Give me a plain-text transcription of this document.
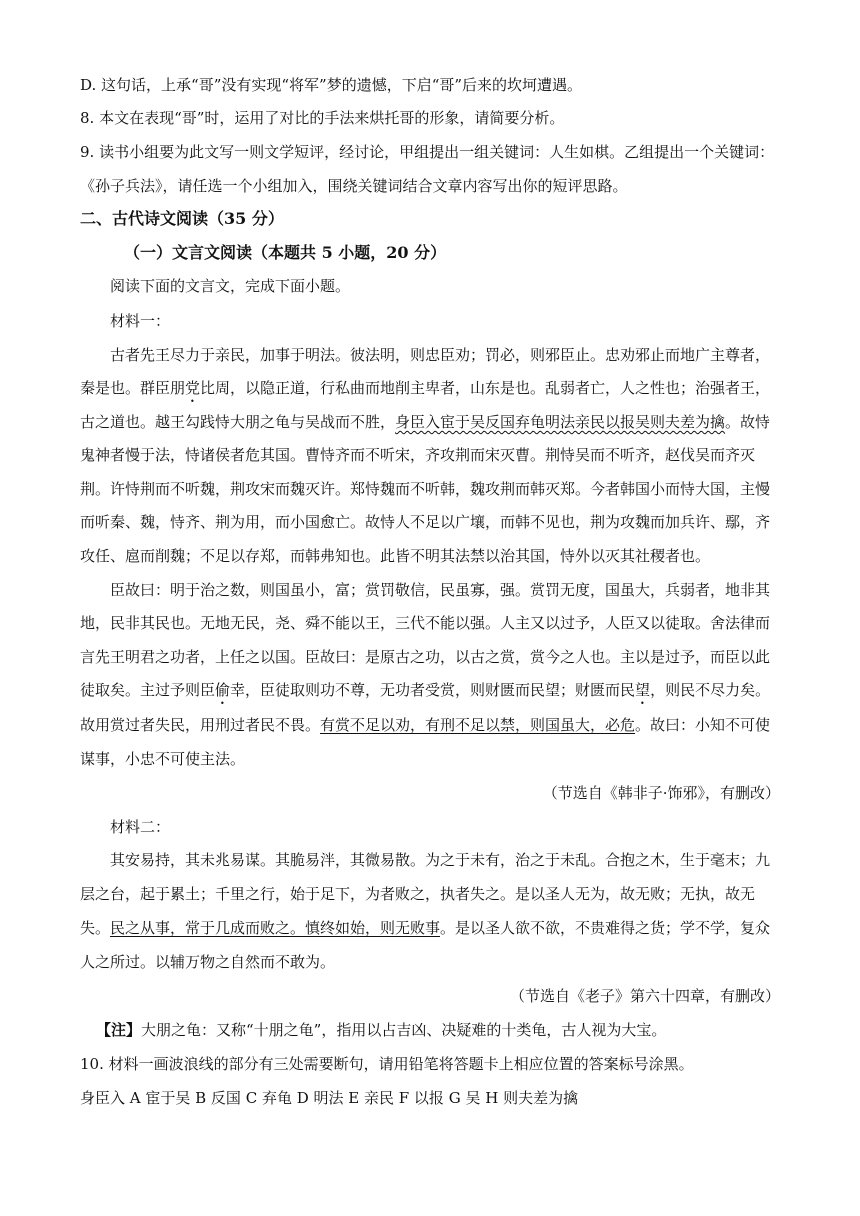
D. 这句话，上承“哥”没有实现“将军”梦的遗憾，下启“哥”后来的坎坷遭遇。
8. 本文在表现“哥”时，运用了对比的手法来烘托哥的形象，请简要分析。
9. 读书小组要为此文写一则文学短评，经讨论，甲组提出一组关键词：人生如棋。乙组提出一个关键词：
《孙子兵法》，请任选一个小组加入，围绕关键词结合文章内容写出你的短评思路。
二、古代诗文阅读（35 分）
（一）文言文阅读（本题共 5 小题，20 分）
阅读下面的文言文，完成下面小题。
材料一：
古者先王尽力于亲民，加事于明法。彼法明，则忠臣劝；罚必，则邪臣止。忠劝邪止而地广主尊者，
秦是也。群臣朋党比周，以隐正道，行私曲而地削主卑者，山东是也。乱弱者亡，人之性也；治强者王，
古之道也。越王勾践恃大朋之龟与吴战而不胜，身臣入宦于吴反国弃龟明法亲民以报吴则夫差为擒。故恃
鬼神者慢于法，恃诸侯者危其国。曹恃齐而不听宋，齐攻荆而宋灭曹。荆恃吴而不听齐，赵伐吴而齐灭
荆。许恃荆而不听魏，荆攻宋而魏灭许。郑恃魏而不听韩，魏攻荆而韩灭郑。今者韩国小而恃大国，主慢
而听秦、魏，恃齐、荆为用，而小国愈亡。故恃人不足以广壤，而韩不见也，荆为攻魏而加兵许、鄢，齐
攻任、扈而削魏；不足以存郑，而韩弗知也。此皆不明其法禁以治其国，恃外以灭其社稷者也。
臣故曰：明于治之数，则国虽小，富；赏罚敬信，民虽寡，强。赏罚无度，国虽大，兵弱者，地非其
地，民非其民也。无地无民，尧、舜不能以王，三代不能以强。人主又以过予，人臣又以徒取。舍法律而
言先王明君之功者，上任之以国。臣故曰：是原古之功，以古之赏，赏今之人也。主以是过予，而臣以此
徒取矣。主过予则臣偷幸，臣徒取则功不尊，无功者受赏，则财匮而民望；财匮而民望，则民不尽力矣。
故用赏过者失民，用刑过者民不畏。有赏不足以劝，有刑不足以禁，则国虽大，必危。故曰：小知不可使
谋事，小忠不可使主法。
（节选自《韩非子·饰邪》，有删改）
材料二：
其安易持，其未兆易谋。其脆易泮，其微易散。为之于未有，治之于未乱。合抱之木，生于毫末；九
层之台，起于累土；千里之行，始于足下，为者败之，执者失之。是以圣人无为，故无败；无执，故无
失。民之从事，常于几成而败之。慎终如始，则无败事。是以圣人欲不欲，不贵难得之货；学不学，复众
人之所过。以辅万物之自然而不敢为。
（节选自《老子》第六十四章，有删改）
【注】大朋之龟：又称“十朋之龟”，指用以占吉凶、决疑难的十类龟，古人视为大宝。
10. 材料一画波浪线的部分有三处需要断句，请用铅笔将答题卡上相应位置的答案标号涂黑。
身臣入 A 宦于吴 B 反国 C 弃龟 D 明法 E 亲民 F 以报 G 吴 H 则夫差为擒
